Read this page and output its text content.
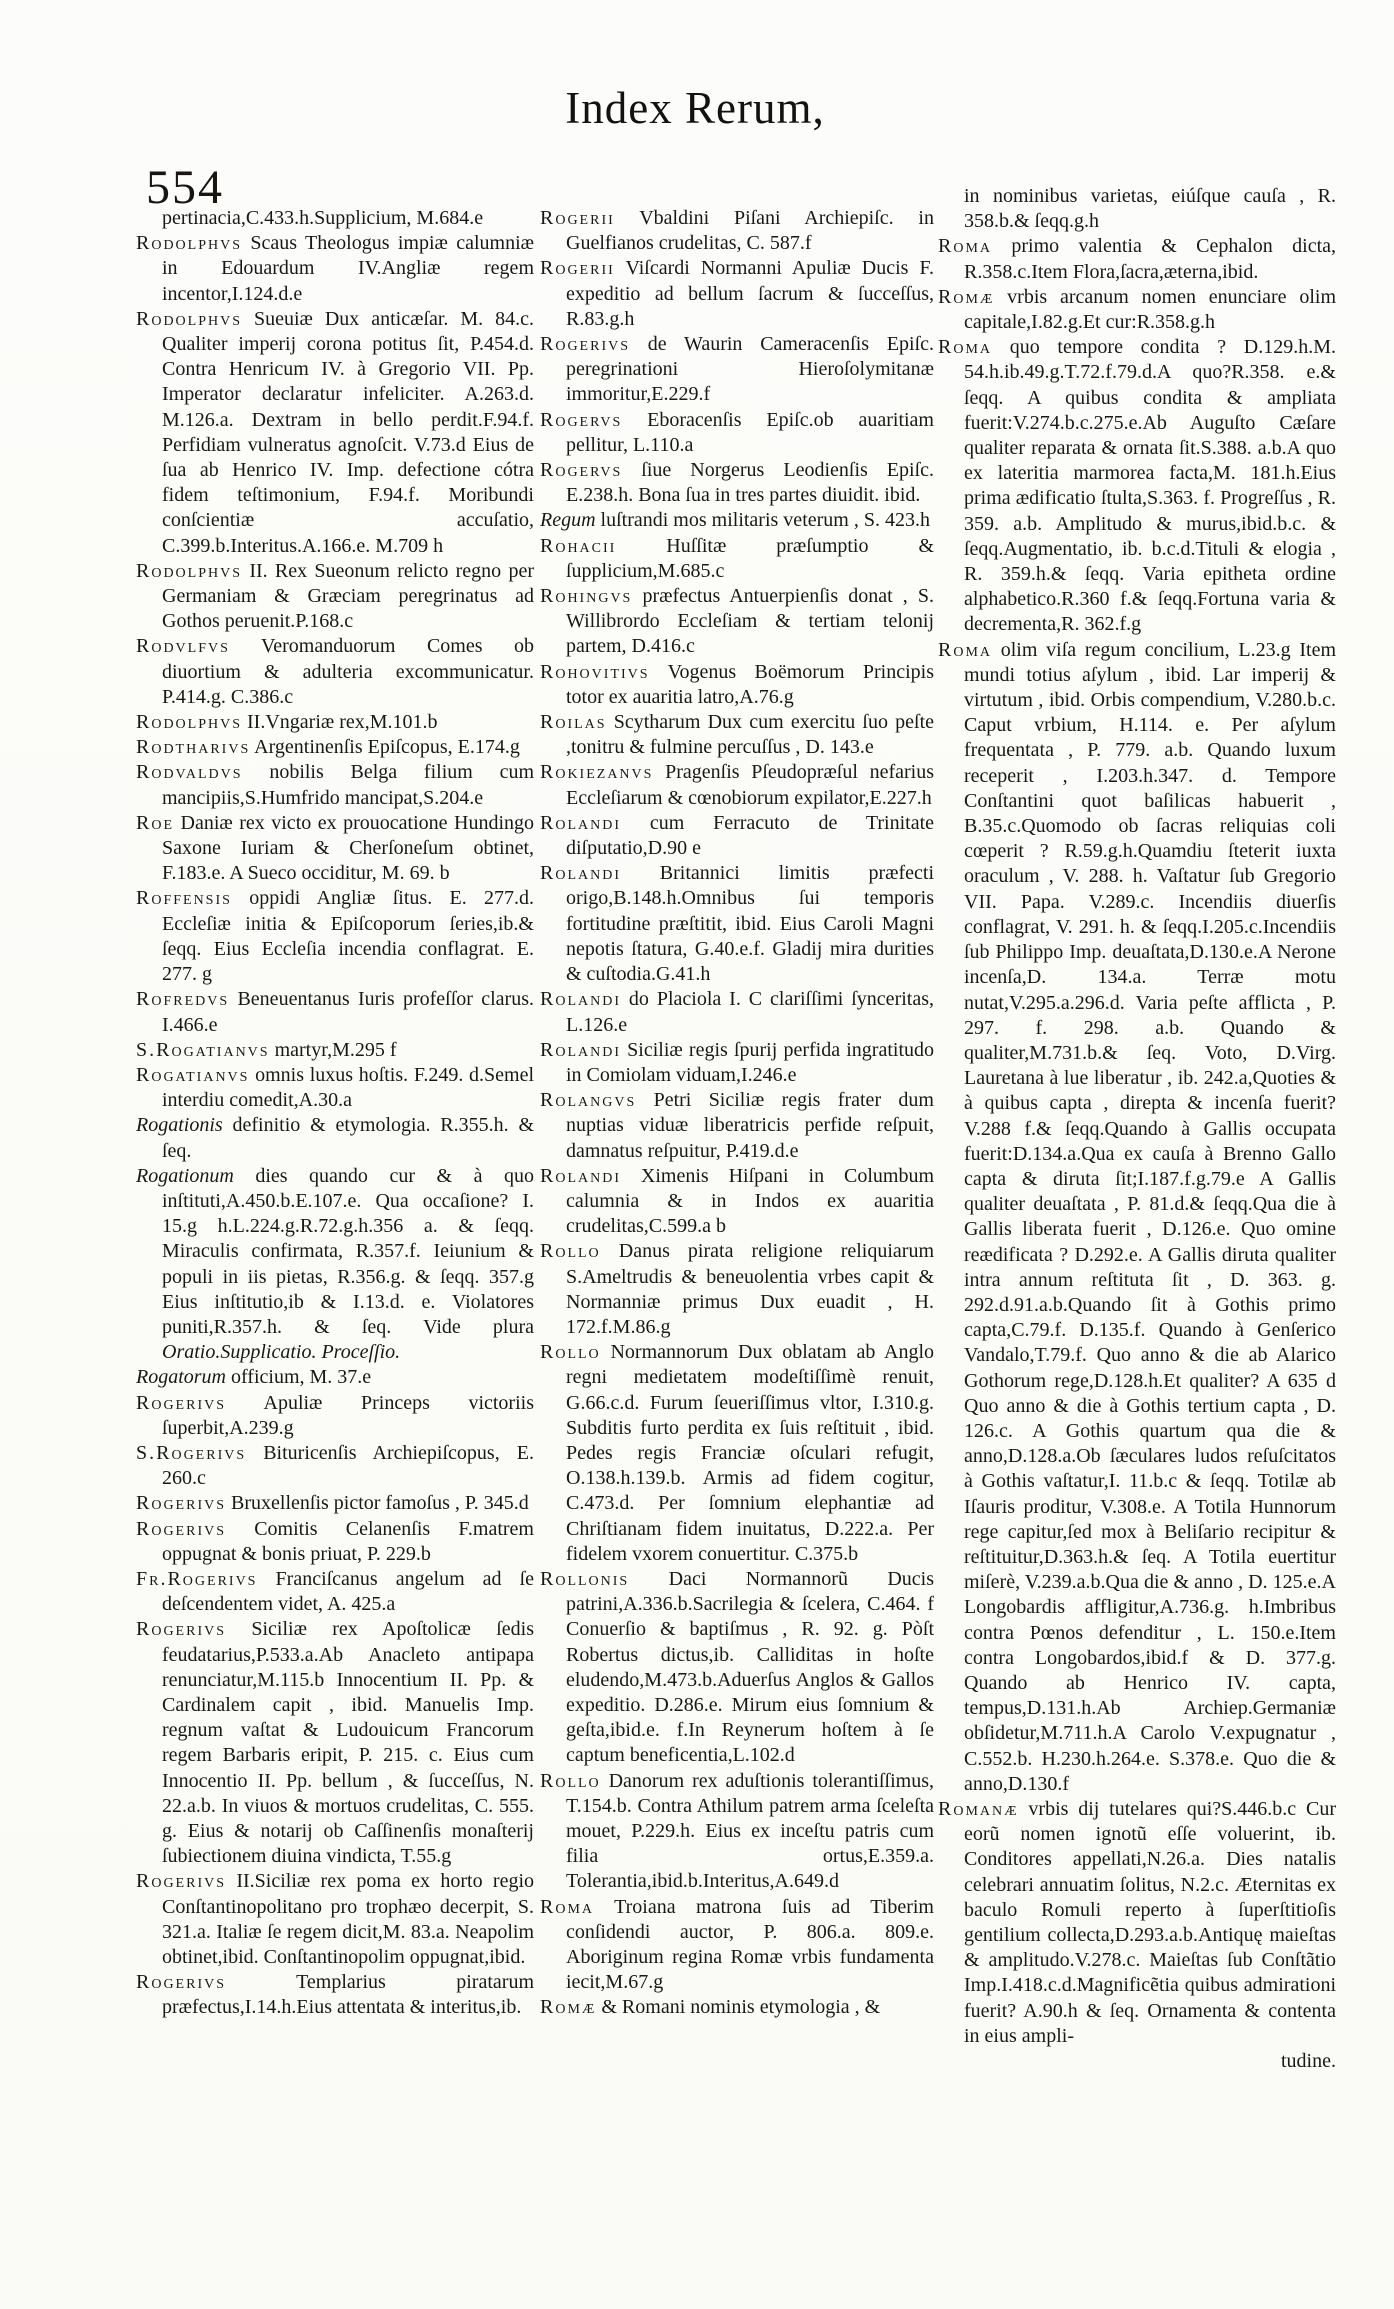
554
Index Rerum,

pertinacia,C.433.h.Supplicium, M.684.e

Rodolphvs Scaus Theologus impiæ calumniæ in Edouardum IV.Angliæ regem incentor,I.124.d.e

Rodolphvs Sueuiæ Dux anticæſar. M. 84.c. Qualiter imperij corona potitus ſit, P.454.d. Contra Henricum IV. à Gregorio VII. Pp. Imperator declaratur infeliciter. A.263.d. M.126.a. Dextram in bello perdit.F.94.f. Perfidiam vulneratus agnoſcit. V.73.d Eius de ſua ab Henrico IV. Imp. defectione cótra fidem teſtimonium, F.94.f. Moribundi conſcientiæ accuſatio, C.399.b.Interitus.A.166.e. M.709 h

Rodolphvs II. Rex Sueonum relicto regno per Germaniam & Græciam peregrinatus ad Gothos peruenit.P.168.c

Rodvlfvs Veromanduorum Comes ob diuortium & adulteria excommunicatur. P.414.g. C.386.c

Rodolphvs II.Vngariæ rex,M.101.b

Rodtharivs Argentinenſis Epiſcopus, E.174.g

Rodvaldvs nobilis Belga filium cum mancipiis,S.Humfrido mancipat,S.204.e

Roe Daniæ rex victo ex prouocatione Hundingo Saxone Iuriam & Cherſoneſum obtinet, F.183.e. A Sueco occiditur, M. 69. b

Roffensis oppidi Angliæ ſitus. E. 277.d. Eccleſiæ initia & Epiſcoporum ſeries,ib.& ſeqq. Eius Eccleſia incendia conflagrat. E. 277. g

Rofredvs Beneuentanus Iuris profeſſor clarus. I.466.e

S.Rogatianvs martyr,M.295 f

Rogatianvs omnis luxus hoſtis. F.249. d.Semel interdiu comedit,A.30.a

Rogationis definitio & etymologia. R.355.h. & ſeq.

Rogationum dies quando cur & à quo inſtituti,A.450.b.E.107.e. Qua occaſione? I. 15.g h.L.224.g.R.72.g.h.356 a. & ſeqq. Miraculis confirmata, R.357.f. Ieiunium & populi in iis pietas, R.356.g. & ſeqq. 357.g Eius inſtitutio,ib & I.13.d. e. Violatores puniti,R.357.h. & ſeq. Vide plura Oratio.Supplicatio. Proceſſio.

Rogatorum officium, M. 37.e

Rogerivs Apuliæ Princeps victoriis ſuperbit,A.239.g

S.Rogerivs Bituricenſis Archiepiſcopus, E. 260.c

Rogerivs Bruxellenſis pictor famoſus , P. 345.d

Rogerivs Comitis Celanenſis F.matrem oppugnat & bonis priuat, P. 229.b

Fr.Rogerivs Franciſcanus angelum ad ſe deſcendentem videt, A. 425.a

Rogerivs Siciliæ rex Apoſtolicæ ſedis feudatarius,P.533.a.Ab Anacleto antipapa renunciatur,M.115.b Innocentium II. Pp. & Cardinalem capit , ibid. Manuelis Imp. regnum vaſtat & Ludouicum Francorum regem Barbaris eripit, P. 215. c. Eius cum Innocentio II. Pp. bellum , & ſucceſſus, N. 22.a.b. In viuos & mortuos crudelitas, C. 555. g. Eius & notarij ob Caſſinenſis monaſterij ſubiectionem diuina vindicta, T.55.g

Rogerivs II.Siciliæ rex poma ex horto regio Conſtantinopolitano pro trophæo decerpit, S. 321.a. Italiæ ſe regem dicit,M. 83.a. Neapolim obtinet,ibid. Conſtantinopolim oppugnat,ibid.

Rogerivs	Templarius piratarum præfectus,I.14.h.Eius attentata & interitus,ib.

Rogerii Vbaldini Piſani Archiepiſc. in Guelfianos crudelitas, C. 587.f

Rogerii Viſcardi Normanni Apuliæ Ducis F. expeditio ad bellum ſacrum & ſucceſſus, R.83.g.h

Rogerivs de Waurin Cameracenſis Epiſc. peregrinationi Hieroſolymitanæ immoritur,E.229.f

Rogervs Eboracenſis Epiſc.ob auaritiam pellitur, L.110.a

Rogervs ſiue Norgerus Leodienſis Epiſc. E.238.h. Bona ſua in tres partes diuidit. ibid.

Regum luſtrandi mos militaris veterum , S. 423.h

Rohacii Huſſitæ præſumptio & ſupplicium,M.685.c

Rohingvs præfectus Antuerpienſis donat , S. Willibrordo Eccleſiam & tertiam telonij partem, D.416.c

Rohovitivs Vogenus Boëmorum Principis totor ex auaritia latro,A.76.g

Roilas Scytharum Dux cum exercitu ſuo peſte ,tonitru & fulmine percuſſus , D. 143.e

Rokiezanvs Pragenſis Pſeudopræſul nefarius Eccleſiarum & cœnobiorum expilator,E.227.h

Rolandi cum Ferracuto de Trinitate diſputatio,D.90 e

Rolandi Britannici limitis præfecti origo,B.148.h.Omnibus ſui temporis fortitudine præſtitit, ibid. Eius Caroli Magni nepotis ſtatura, G.40.e.f. Gladij mira durities & cuſtodia.G.41.h

Rolandi do Placiola I. C clariſſimi ſynceritas, L.126.e

Rolandi Siciliæ regis ſpurij perfida ingratitudo in Comiolam viduam,I.246.e

Rolangvs Petri Siciliæ regis frater dum nuptias viduæ liberatricis perfide reſpuit, damnatus reſpuitur, P.419.d.e

Rolandi Ximenis Hiſpani in Columbum calumnia & in Indos ex auaritia crudelitas,C.599.a b

Rollo Danus pirata religione reliquiarum S.Ameltrudis & beneuolentia vrbes capit & Normanniæ primus Dux euadit , H. 172.f.M.86.g

Rollo Normannorum Dux oblatam ab Anglo regni medietatem modeſtiſſimè renuit, G.66.c.d. Furum ſeueriſſimus vltor, I.310.g. Subditis furto perdita ex ſuis reſtituit , ibid. Pedes regis Franciæ oſculari refugit, O.138.h.139.b. Armis ad fidem cogitur, C.473.d. Per ſomnium elephantiæ ad Chriſtianam fidem inuitatus, D.222.a. Per fidelem vxorem conuertitur. C.375.b

Rollonis Daci Normannorũ Ducis patrini,A.336.b.Sacrilegia & ſcelera, C.464. f Conuerſio & baptiſmus , R. 92. g. Pòſt Robertus dictus,ib. Calliditas in hoſte eludendo,M.473.b.Aduerſus Anglos & Gallos expeditio. D.286.e. Mirum eius ſomnium & geſta,ibid.e. f.In Reynerum hoſtem à ſe captum beneficentia,L.102.d

Rollo Danorum rex aduſtionis tolerantiſſimus, T.154.b. Contra Athilum patrem arma ſceleſta mouet, P.229.h. Eius ex inceſtu patris cum filia ortus,E.359.a. Tolerantia,ibid.b.Interitus,A.649.d

Roma Troiana matrona ſuis ad Tiberim conſidendi auctor, P. 806.a. 809.e. Aboriginum regina Romæ vrbis fundamenta iecit,M.67.g

Romæ & Romani nominis etymologia , &

in nominibus varietas, eiúſque cauſa , R. 358.b.& ſeqq.g.h

Roma primo valentia & Cephalon dicta, R.358.c.Item Flora,ſacra,æterna,ibid.

Romæ vrbis arcanum nomen enunciare olim capitale,I.82.g.Et cur:R.358.g.h

Roma quo tempore condita ? D.129.h.M. 54.h.ib.49.g.T.72.f.79.d.A quo?R.358. e.& ſeqq. A quibus condita & ampliata fuerit:V.274.b.c.275.e.Ab Auguſto Cæſare qualiter reparata & ornata ſit.S.388. a.b.A quo ex lateritia marmorea facta,M. 181.h.Eius prima ædificatio ſtulta,S.363. f. Progreſſus , R. 359. a.b. Amplitudo & murus,ibid.b.c. & ſeqq.Augmentatio, ib. b.c.d.Tituli & elogia , R. 359.h.& ſeqq. Varia epitheta ordine alphabetico.R.360 f.& ſeqq.Fortuna varia & decrementa,R. 362.f.g

Roma olim viſa regum concilium, L.23.g Item mundi totius aſylum , ibid. Lar imperij & virtutum , ibid. Orbis compendium, V.280.b.c. Caput vrbium, H.114. e. Per aſylum frequentata , P. 779. a.b. Quando luxum receperit , I.203.h.347. d. Tempore Conſtantini quot baſilicas habuerit , B.35.c.Quomodo ob ſacras reliquias coli cœperit ? R.59.g.h.Quamdiu ſteterit iuxta oraculum , V. 288. h. Vaſtatur ſub Gregorio VII. Papa. V.289.c. Incendiis diuerſis conflagrat, V. 291. h. & ſeqq.I.205.c.Incendiis ſub Philippo Imp. deuaſtata,D.130.e.A Nerone incenſa,D. 134.a. Terræ motu nutat,V.295.a.296.d. Varia peſte afflicta , P. 297. f. 298. a.b. Quando & qualiter,M.731.b.& ſeq. Voto, D.Virg. Lauretana à lue liberatur , ib. 242.a,Quoties & à quibus capta , direpta & incenſa fuerit?V.288 f.& ſeqq.Quando à Gallis occupata fuerit:D.134.a.Qua ex cauſa à Brenno Gallo capta & diruta ſit;I.187.f.g.79.e A Gallis qualiter deuaſtata , P. 81.d.& ſeqq.Qua die à Gallis liberata fuerit , D.126.e. Quo omine reædificata ? D.292.e. A Gallis diruta qualiter intra annum reſtituta ſit , D. 363. g. 292.d.91.a.b.Quando ſit à Gothis primo capta,C.79.f. D.135.f. Quando à Genſerico Vandalo,T.79.f. Quo anno & die ab Alarico Gothorum rege,D.128.h.Et qualiter? A 635 d Quo anno & die à Gothis tertium capta , D. 126.c. A Gothis quartum qua die & anno,D.128.a.Ob ſæculares ludos reſuſcitatos à Gothis vaſtatur,I. 11.b.c & ſeqq. Totilæ ab Iſauris proditur, V.308.e. A Totila Hunnorum rege capitur,ſed mox à Beliſario recipitur & reſtituitur,D.363.h.& ſeq. A Totila euertitur miſerè, V.239.a.b.Qua die & anno , D. 125.e.A Longobardis affligitur,A.736.g. h.Imbribus contra Pœnos defenditur , L. 150.e.Item contra Longobardos,ibid.f & D. 377.g. Quando ab Henrico IV. capta, tempus,D.131.h.Ab Archiep.Germaniæ obſidetur,M.711.h.A Carolo V.expugnatur , C.552.b. H.230.h.264.e. S.378.e. Quo die & anno,D.130.f

Romanæ vrbis dij tutelares qui?S.446.b.c Cur eorũ nomen ignotũ eſſe voluerint, ib. Conditores appellati,N.26.a. Dies natalis celebrari annuatim ſolitus, N.2.c. Æternitas ex baculo Romuli reperto à ſuperſtitioſis gentilium collecta,D.293.a.b.Antiquę maieſtas & amplitudo.V.278.c. Maieſtas ſub Conſtãtio Imp.I.418.c.d.Magnificẽtia quibus admirationi fuerit? A.90.h & ſeq. Ornamenta & contenta in eius ampli-

tudine.
